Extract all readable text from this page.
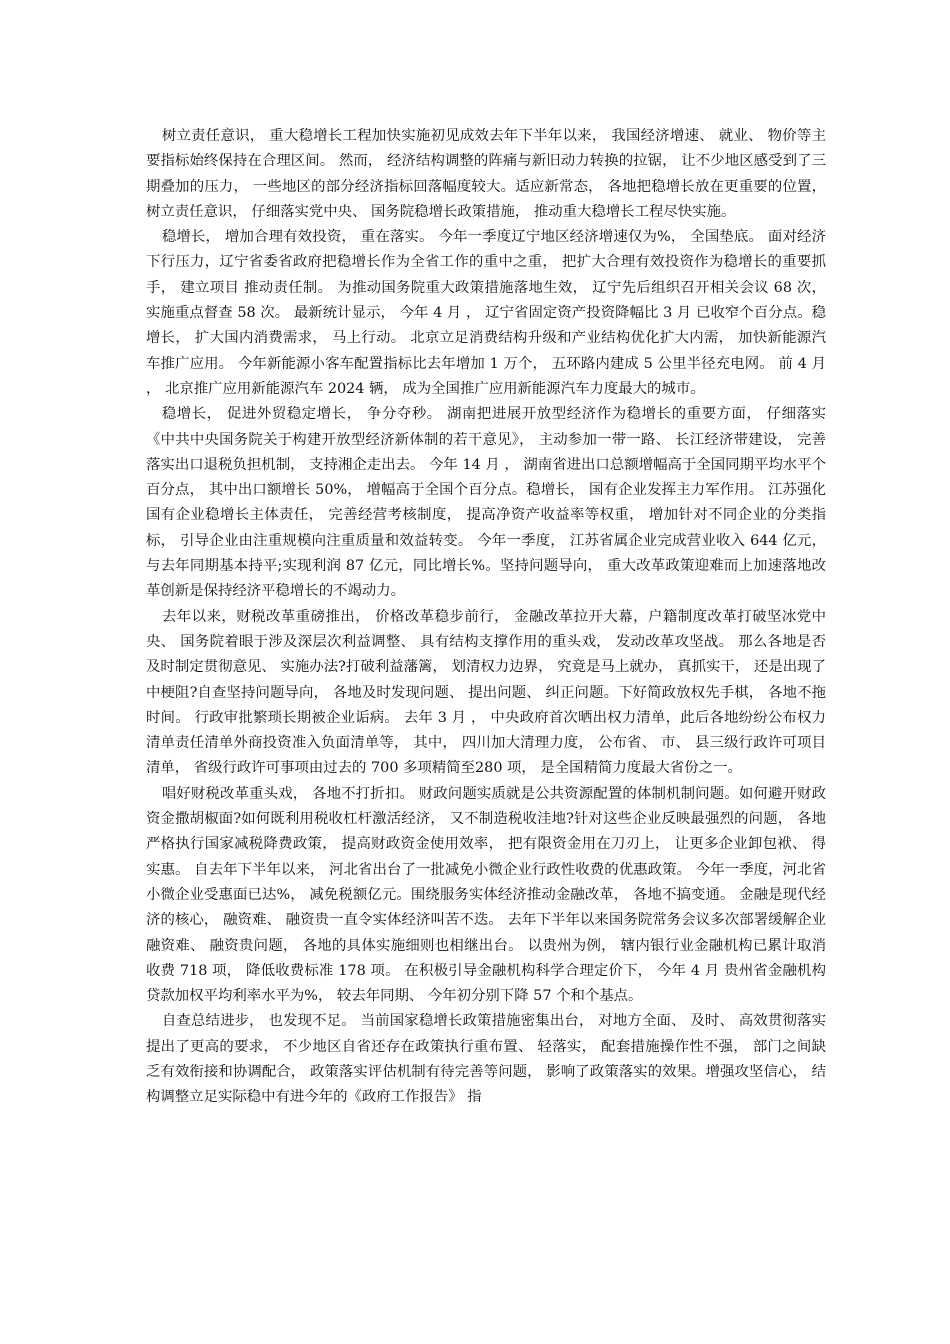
树立责任意识， 重大稳增长工程加快实施初见成效去年下半年以来， 我国经济增速、 就业、 物价等主要指标始终保持在合理区间。 然而， 经济结构调整的阵痛与新旧动力转换的拉锯， 让不少地区感受到了三期叠加的压力， 一些地区的部分经济指标回落幅度较大。适应新常态， 各地把稳增长放在更重要的位置， 树立责任意识， 仔细落实党中央、 国务院稳增长政策措施， 推动重大稳增长工程尽快实施。

稳增长， 增加合理有效投资， 重在落实。 今年一季度辽宁地区经济增速仅为%， 全国垫底。 面对经济下行压力，辽宁省委省政府把稳增长作为全省工作的重中之重， 把扩大合理有效投资作为稳增长的重要抓手， 建立项目 推动责任制。 为推动国务院重大政策措施落地生效， 辽宁先后组织召开相关会议 68 次， 实施重点督查 58 次。 最新统计显示， 今年 4 月 ， 辽宁省固定资产投资降幅比 3 月 已收窄个百分点。稳增长， 扩大国内消费需求， 马上行动。 北京立足消费结构升级和产业结构优化扩大内需， 加快新能源汽车推广应用。 今年新能源小客车配置指标比去年增加 1 万个， 五环路内建成 5 公里半径充电网。 前 4 月 ， 北京推广应用新能源汽车 2024 辆， 成为全国推广应用新能源汽车力度最大的城市。

稳增长， 促进外贸稳定增长， 争分夺秒。 湖南把进展开放型经济作为稳增长的重要方面， 仔细落实《中共中央国务院关于构建开放型经济新体制的若干意见》， 主动参加一带一路、 长江经济带建设， 完善落实出口退税负担机制， 支持湘企走出去。 今年 14 月 ， 湖南省进出口总额增幅高于全国同期平均水平个百分点， 其中出口额增长 50%， 增幅高于全国个百分点。稳增长， 国有企业发挥主力军作用。 江苏强化国有企业稳增长主体责任， 完善经营考核制度， 提高净资产收益率等权重， 增加针对不同企业的分类指标， 引导企业由注重规模向注重质量和效益转变。 今年一季度， 江苏省属企业完成营业收入 644 亿元， 与去年同期基本持平;实现利润 87 亿元，同比增长%。坚持问题导向， 重大改革政策迎难而上加速落地改革创新是保持经济平稳增长的不竭动力。

去年以来，财税改革重磅推出， 价格改革稳步前行， 金融改革拉开大幕，户籍制度改革打破坚冰党中央、 国务院着眼于涉及深层次利益调整、 具有结构支撑作用的重头戏， 发动改革攻坚战。 那么各地是否及时制定贯彻意见、 实施办法?打破利益藩篱， 划清权力边界， 究竟是马上就办， 真抓实干， 还是出现了中梗阻?自查坚持问题导向， 各地及时发现问题、 提出问题、 纠正问题。下好简政放权先手棋， 各地不拖时间。 行政审批繁琐长期被企业诟病。 去年 3 月 ， 中央政府首次晒出权力清单，此后各地纷纷公布权力清单责任清单外商投资准入负面清单等， 其中， 四川加大清理力度， 公布省、 市、 县三级行政许可项目清单， 省级行政许可事项由过去的 700 多项精简至280 项， 是全国精简力度最大省份之一。

唱好财税改革重头戏， 各地不打折扣。 财政问题实质就是公共资源配置的体制机制问题。如何避开财政资金撒胡椒面?如何既利用税收杠杆激活经济， 又不制造税收洼地?针对这些企业反映最强烈的问题， 各地严格执行国家减税降费政策， 提高财政资金使用效率， 把有限资金用在刀刃上， 让更多企业卸包袱、 得实惠。 自去年下半年以来， 河北省出台了一批减免小微企业行政性收费的优惠政策。 今年一季度，河北省小微企业受惠面已达%， 减免税额亿元。围绕服务实体经济推动金融改革， 各地不搞变通。 金融是现代经济的核心， 融资难、 融资贵一直令实体经济叫苦不迭。 去年下半年以来国务院常务会议多次部署缓解企业融资难、 融资贵问题， 各地的具体实施细则也相继出台。 以贵州为例， 辖内银行业金融机构已累计取消收费 718 项， 降低收费标准 178 项。 在积极引导金融机构科学合理定价下， 今年 4 月 贵州省金融机构贷款加权平均利率水平为%， 较去年同期、 今年初分别下降 57 个和个基点。

自查总结进步， 也发现不足。 当前国家稳增长政策措施密集出台， 对地方全面、 及时、 高效贯彻落实提出了更高的要求， 不少地区自省还存在政策执行重布置、 轻落实， 配套措施操作性不强， 部门之间缺乏有效衔接和协调配合， 政策落实评估机制有待完善等问题， 影响了政策落实的效果。增强攻坚信心， 结构调整立足实际稳中有进今年的《政府工作报告》 指
